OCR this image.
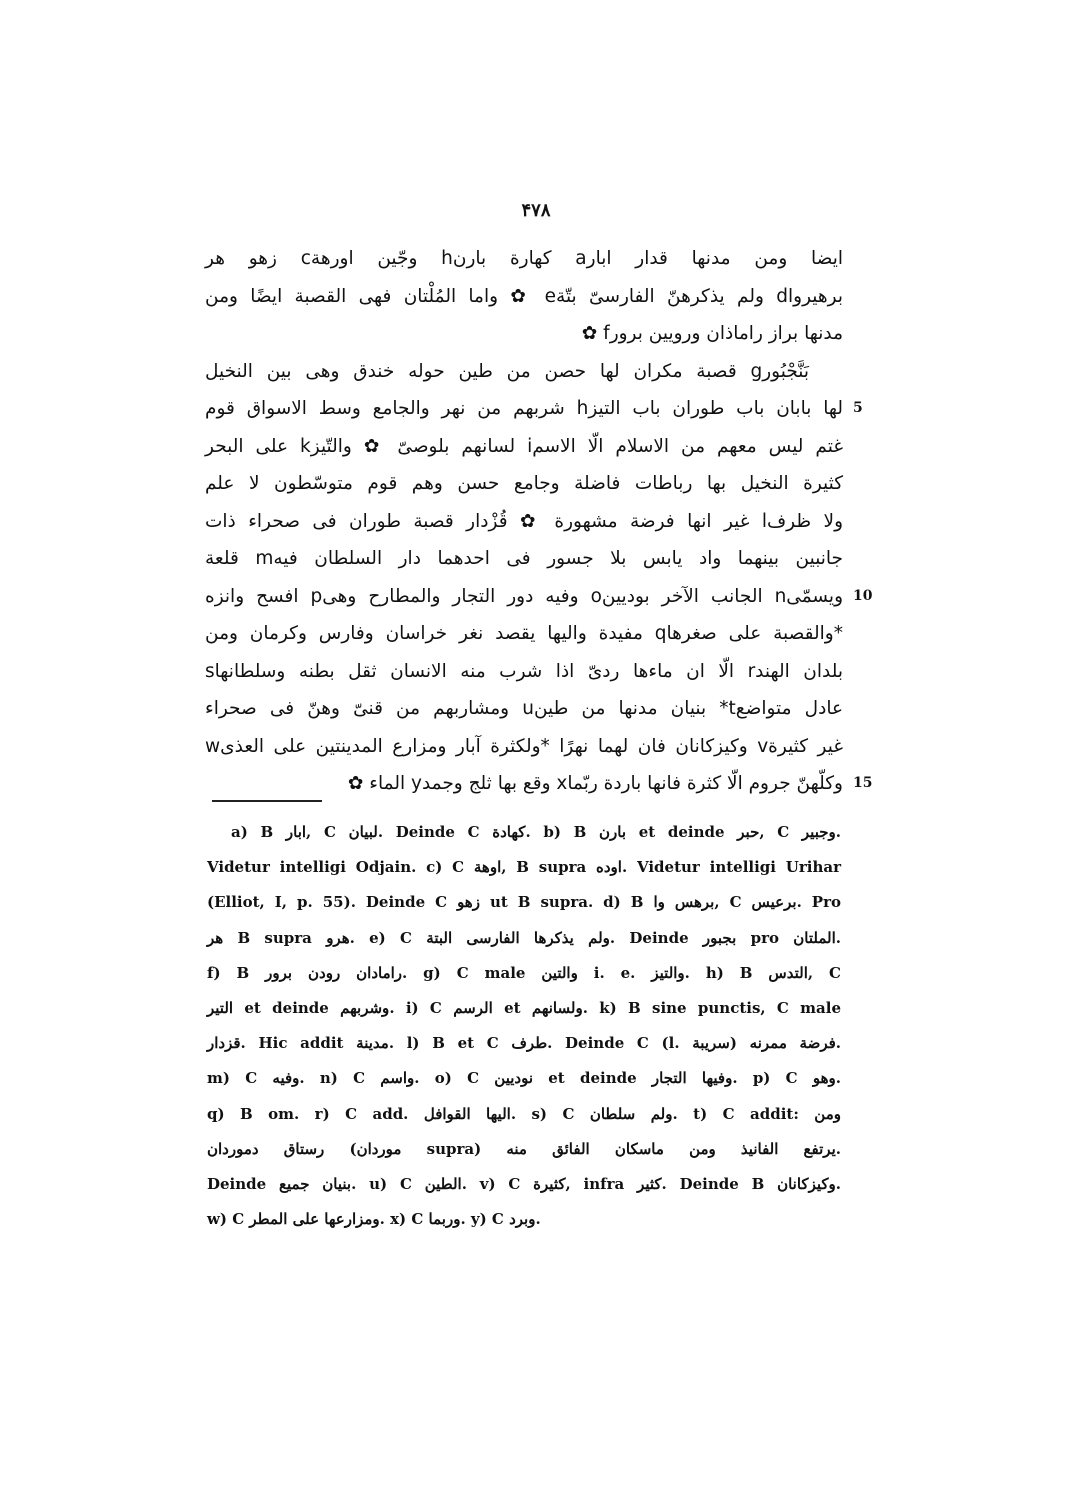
۴۷۸
ايضا ومن مدنها قدار ابارa كهارة بارنh وجّين اورهةc زهو هر
برهيرواd ولم يذكرهنّ الفارسىّ بتّةe ✿ واما المُلْتان فهى القصبة ايضًا ومن
مدنها براز راماذان ورويين برورf ✿
بَنَّجْبُورg قصبة مكران لها حصن من طين حوله خندق وهى بين النخيل
لها بابان باب طوران باب التيزh شربهم من نهر والجامع وسط الاسواق قوم 5
غتم ليس معهم من الاسلام الّا الاسمi لسانهم بلوصىّ ✿ والتّيزk على البحر
كثيرة النخيل بها رباطات فاضلة وجامع حسن وهم قوم متوسّطون لا علم
ولا ظرفl غير انها فرضة مشهورة ✿ قُزْدار قصبة طوران فى صحراء ذات
جانبين بينهما واد يابس بلا جسور فى احدهما دار السلطان فيهm قلعة
ويسمّىn الجانب الآخر بوديينo وفيه دور التجار والمطارح وهىp افسح وانزه 10
*والقصبة على صغرهاq مفيدة واليها يقصد نغر خراسان وفارس وكرمان ومن
بلدان الهندr الّا ان ماءها ردىّ اذا شرب منه الانسان ثقل بطنه وسلطانهاs
عادل متواضعt* بنيان مدنها من طينu ومشاربهم من قنىّ وهنّ فى صحراء
غير كثيرةv وكيزكانان فان لهما نهرًا *ولكثرة آبار ومزارع المدينتين على العذىw
وكلّهنّ جروم الّا كثرة فانها باردة ربّماx وقع بها ثلج وجمدy الماء ✿ 15
a) B ابار, C لبيان. Deinde C كهادة. b) B بارن et deinde حبر, C وجبير.
Videtur intelligi Odjain. c) C اوهة, B supra اوده. Videtur intelligi Urihar
(Elliot, I, p. 55). Deinde C زهو ut B supra. d) B برهس وا, C برعيس. Pro
هر B supra هرو. e) C ولم يذكرها الفارسى البتة. Deinde بجبور pro الملتان.
f) B رامادان رودن برور. g) C male والتين i. e. والتيز. h) B التدس, C
التير et deinde وشربهم. i) C الرسم et ولسانهم. k) B sine punctis, C male
قزدار. Hic addit مدينة. l) B et C طرف. Deinde C (l. سريبة) فرضة ممرنه.
m) C وفيه. n) C واسم. o) C نوديين et deinde وفيها التجار. p) C وهو.
q) B om. r) C add. اليها القوافل. s) C ولم سلطان. t) C addit: ومن
رستاق دموردان (موردان supra) يرتفع الفانيذ ومن ماسكان الفائق منه.
Deinde بنيان جميع. u) C الطين. v) C كثيرة, infra كثير. Deinde B وكيزكانان.
w) C ومزارعها على المطر. x) C وربما. y) C وبرد.
